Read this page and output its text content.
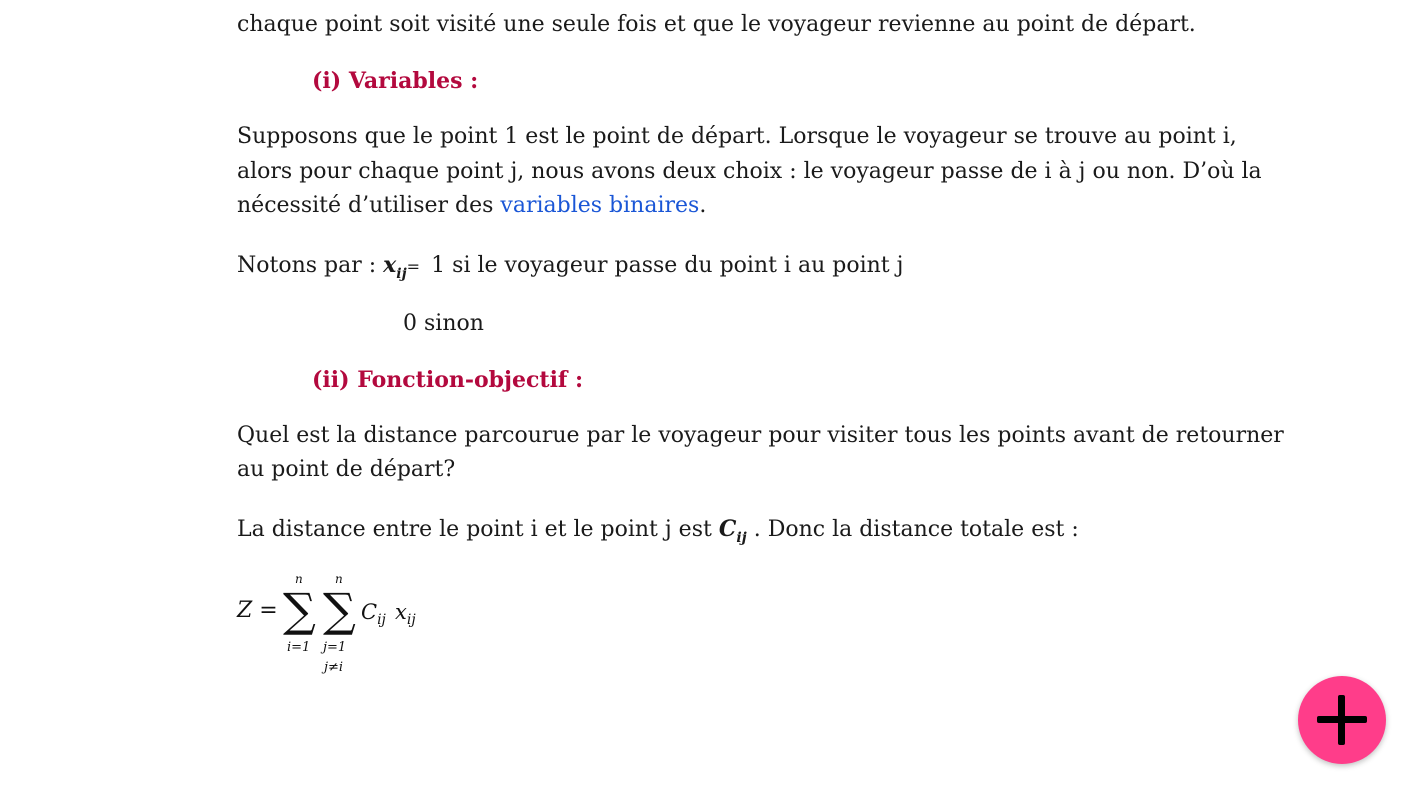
chaque point soit visité une seule fois et que le voyageur revienne au point de départ.
(i) Variables :
Supposons que le point 1 est le point de départ. Lorsque le voyageur se trouve au point i,
alors pour chaque point j, nous avons deux choix : le voyageur passe de i à j ou non. D’où la
nécessité d’utiliser des variables binaires.
Notons par : $x_{ij}= 1$ si le voyageur passe du point i au point j
0 sinon
(ii) Fonction-objectif :
Quel est la distance parcourue par le voyageur pour visiter tous les points avant de retourner
au point de départ?
La distance entre le point i et le point j est $C_{ij}$ . Donc la distance totale est :
Z =
n
∑
i=1
n
∑
j=1
j≠i
$C_{ij}$ $x_{ij}$
